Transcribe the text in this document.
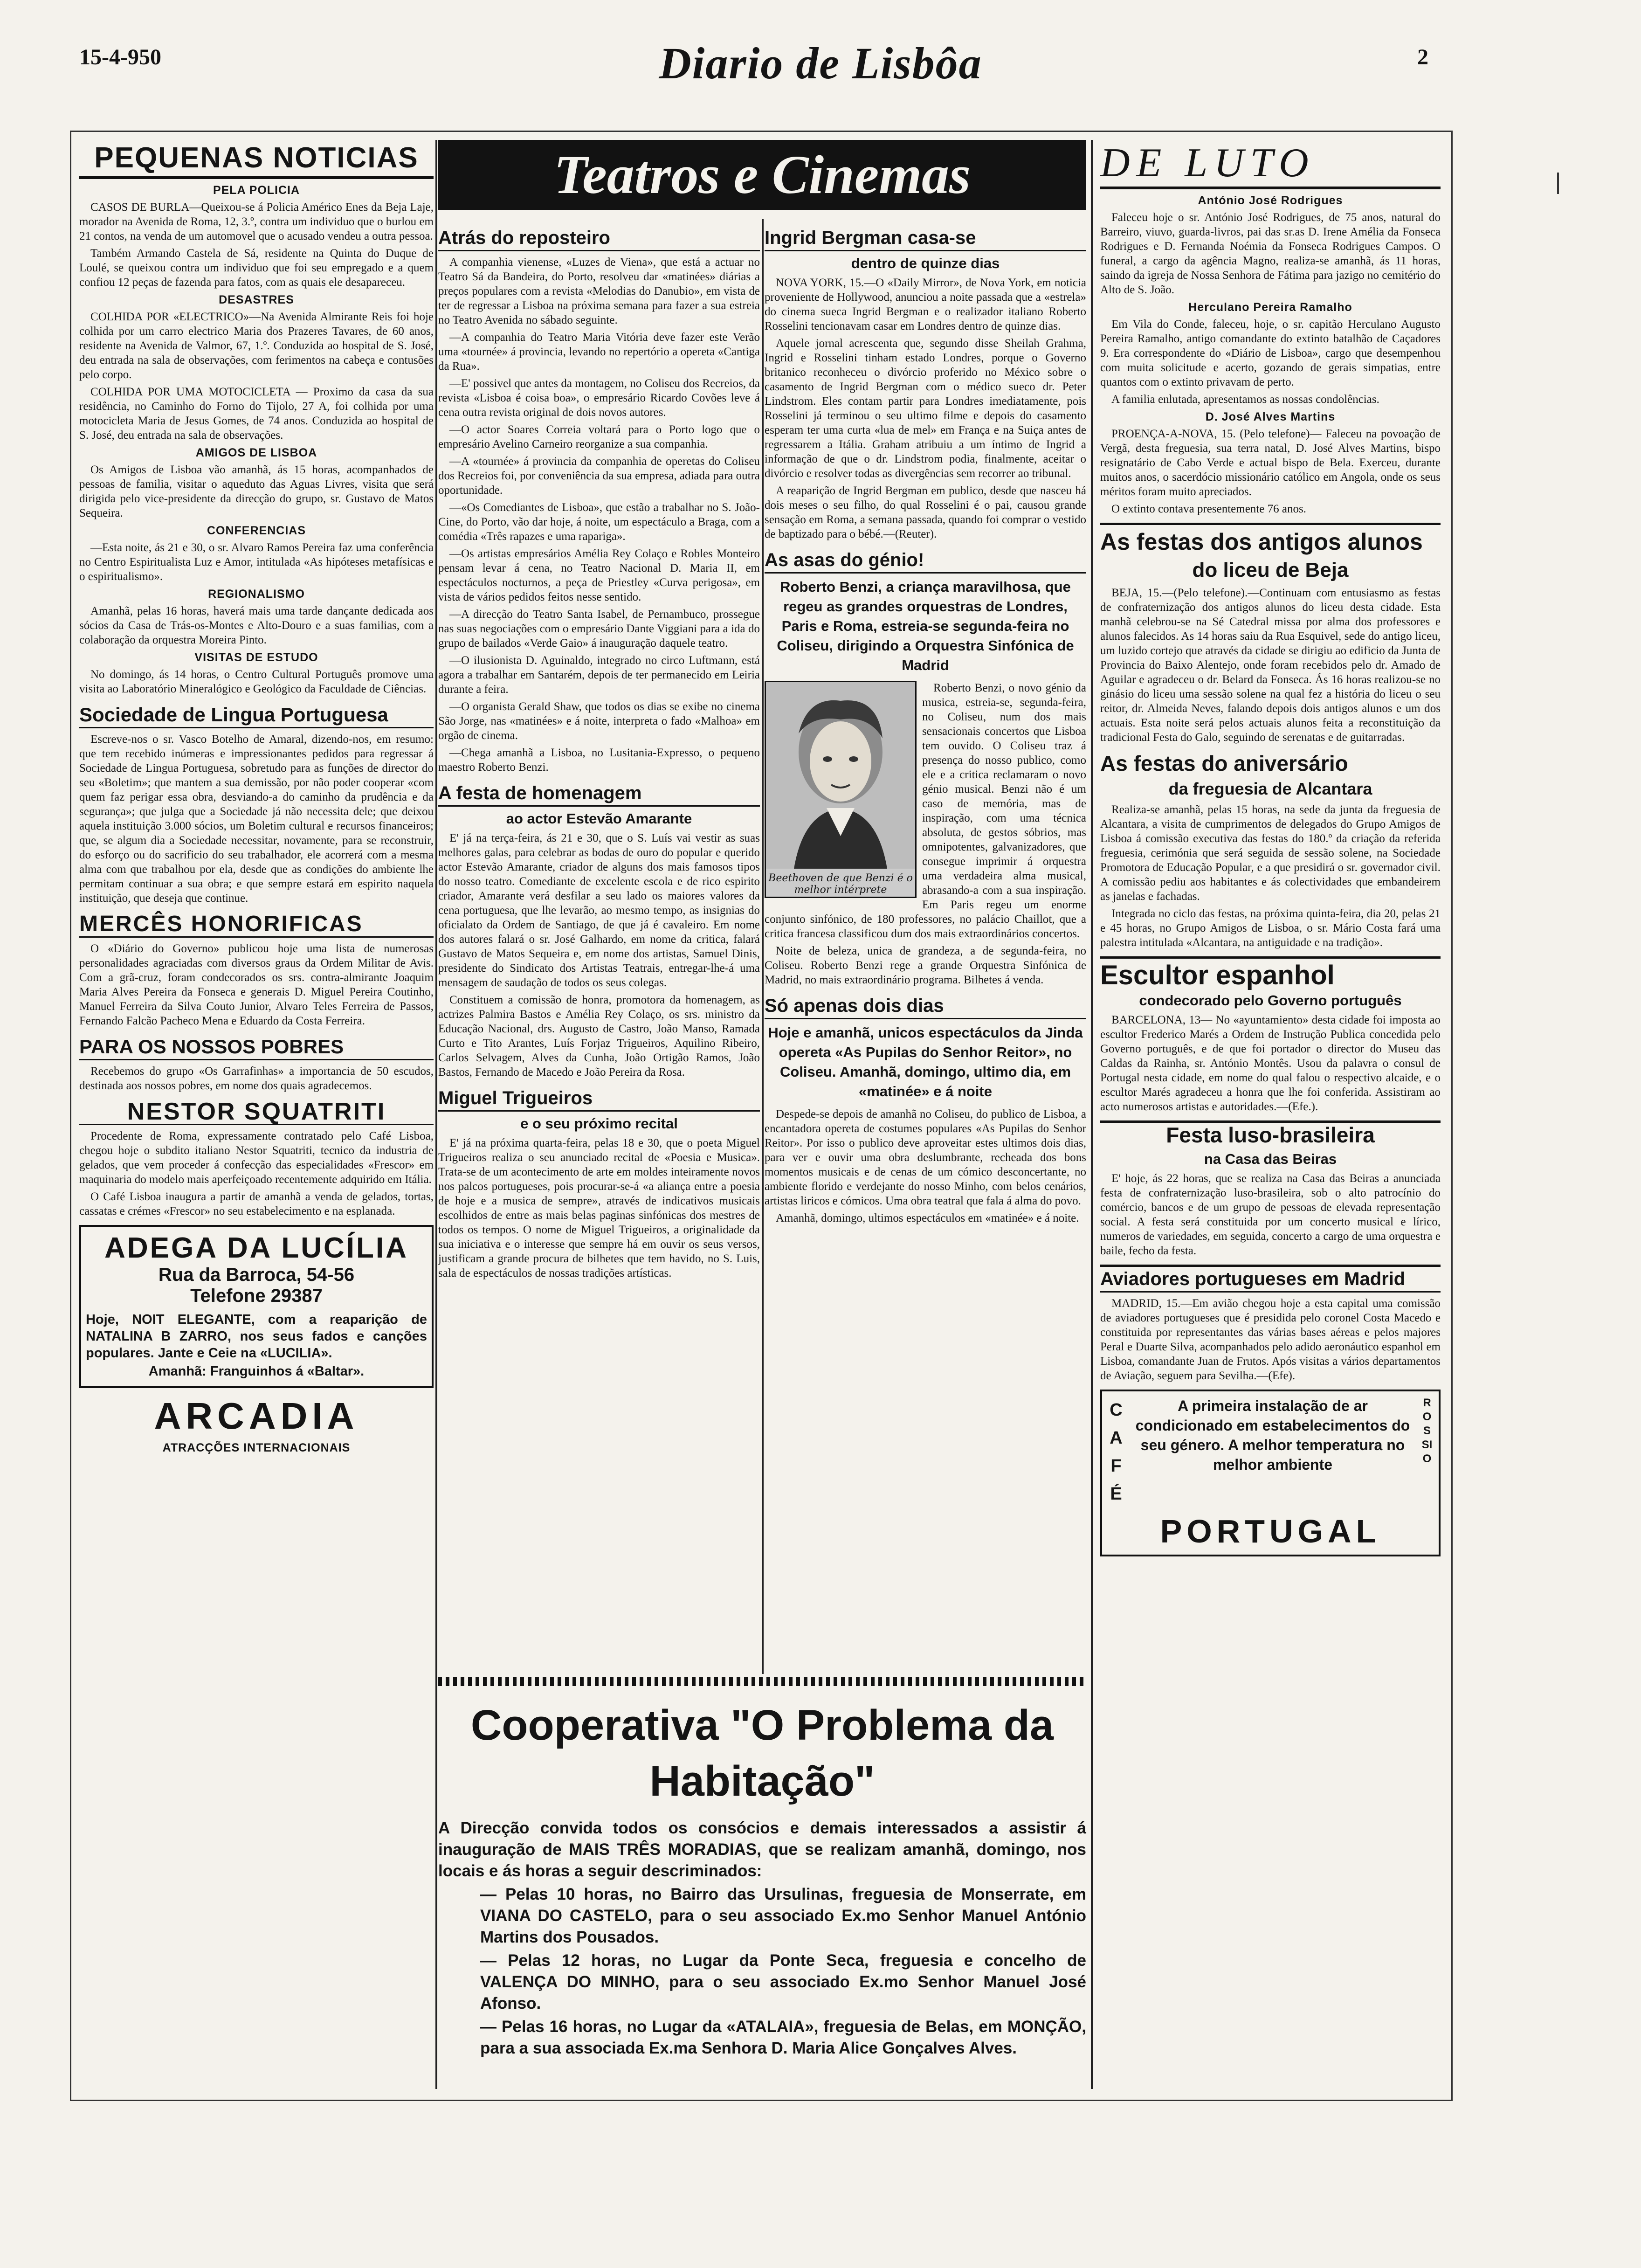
15-4-950	Diario de Lisbôa	2
PEQUENAS NOTICIAS
PELA POLICIA

CASOS DE BURLA—Queixou-se á Policia Américo Enes da Beja Laje, morador na Avenida de Roma, 12, 3.º, contra um individuo que o burlou em 21 contos, na venda de um automovel que o acusado vendeu a outra pessoa.

Também Armando Castela de Sá, residente na Quinta do Duque de Loulé, se queixou contra um individuo que foi seu empregado e a quem confiou 12 peças de fazenda para fatos, com as quais ele desapareceu.

DESASTRES

COLHIDA POR «ELECTRICO»—Na Avenida Almirante Reis foi hoje colhida por um carro electrico Maria dos Prazeres Tavares, de 60 anos, residente na Avenida de Valmor, 67, 1.º. Conduzida ao hospital de S. José, deu entrada na sala de observações, com ferimentos na cabeça e contusões pelo corpo.

COLHIDA POR UMA MOTOCICLETA — Proximo da casa da sua residência, no Caminho do Forno do Tijolo, 27 A, foi colhida por uma motocicleta Maria de Jesus Gomes, de 74 anos. Conduzida ao hospital de S. José, deu entrada na sala de observações.

AMIGOS DE LISBOA

Os Amigos de Lisboa vão amanhã, ás 15 horas, acompanhados de pessoas de familia, visitar o aqueduto das Aguas Livres, visita que será dirigida pelo vice-presidente da direcção do grupo, sr. Gustavo de Matos Sequeira.

CONFERENCIAS

—Esta noite, ás 21 e 30, o sr. Alvaro Ramos Pereira faz uma conferência no Centro Espiritualista Luz e Amor, intitulada «As hipóteses metafísicas e o espiritualismo».

REGIONALISMO

Amanhã, pelas 16 horas, haverá mais uma tarde dançante dedicada aos sócios da Casa de Trás-os-Montes e Alto-Douro e a suas familias, com a colaboração da orquestra Moreira Pinto.

VISITAS DE ESTUDO

No domingo, ás 14 horas, o Centro Cultural Português promove uma visita ao Laboratório Mineralógico e Geológico da Faculdade de Ciências.

Sociedade de Lingua Portuguesa

Escreve-nos o sr. Vasco Botelho de Amaral, dizendo-nos, em resumo: que tem recebido inúmeras e impressionantes pedidos para regressar á Sociedade de Lingua Portuguesa, sobretudo para as funções de director do seu «Boletim»; que mantem a sua demissão, por não poder cooperar «com quem faz perigar essa obra, desviando-a do caminho da prudência e da segurança»; que julga que a Sociedade já não necessita dele; que deixou aquela instituição 3.000 sócios, um Boletim cultural e recursos financeiros; que, se algum dia a Sociedade necessitar, novamente, para se reconstruir, do esforço ou do sacrificio do seu trabalhador, ele acorrerá com a mesma alma com que trabalhou por ela, desde que as condições do ambiente lhe permitam continuar a sua obra; e que sempre estará em espirito naquela instituição, que deseja que continue.

MERCÊS HONORIFICAS

O «Diário do Governo» publicou hoje uma lista de numerosas personalidades agraciadas com diversos graus da Ordem Militar de Avis. Com a grã-cruz, foram condecorados os srs. contra-almirante Joaquim Maria Alves Pereira da Fonseca e generais D. Miguel Pereira Coutinho, Manuel Ferreira da Silva Couto Junior, Alvaro Teles Ferreira de Passos, Fernando Falcão Pacheco Mena e Eduardo da Costa Ferreira.

PARA OS NOSSOS POBRES

Recebemos do grupo «Os Garrafinhas» a importancia de 50 escudos, destinada aos nossos pobres, em nome dos quais agradecemos.

NESTOR SQUATRITI

Procedente de Roma, expressamente contratado pelo Café Lisboa, chegou hoje o subdito italiano Nestor Squatriti, tecnico da industria de gelados, que vem proceder á confecção das especialidades «Frescor» em maquinaria do modelo mais aperfeiçoado recentemente adquirido em Itália.

O Café Lisboa inaugura a partir de amanhã a venda de gelados, tortas, cassatas e crémes «Frescor» no seu estabelecimento e na esplanada.

ADEGA DA LUCÍLIA
Rua da Barroca, 54-56
Telefone 29387

Hoje, NOIT ELEGANTE, com a reaparição de NATALINA B ZARRO, nos seus fados e canções populares. Jante e Ceie na «LUCILIA».

Amanhã: Franguinhos á «Baltar».

ARCADIA
ATRACÇÕES INTERNACIONAIS
Teatros e Cinemas
Atrás do reposteiro

A companhia vienense, «Luzes de Viena», que está a actuar no Teatro Sá da Bandeira, do Porto, resolveu dar «matinées» diárias a preços populares com a revista «Melodias do Danubio», em vista de ter de regressar a Lisboa na próxima semana para fazer a sua estreia no Teatro Avenida no sábado seguinte.

—A companhia do Teatro Maria Vitória deve fazer este Verão uma «tournée» á provincia, levando no repertório a opereta «Cantiga da Rua».

—E' possivel que antes da montagem, no Coliseu dos Recreios, da revista «Lisboa é coisa boa», o empresário Ricardo Covões leve á cena outra revista original de dois novos autores.

—O actor Soares Correia voltará para o Porto logo que o empresário Avelino Carneiro reorganize a sua companhia.

—A «tournée» á provincia da companhia de operetas do Coliseu dos Recreios foi, por conveniência da sua empresa, adiada para outra oportunidade.

—«Os Comediantes de Lisboa», que estão a trabalhar no S. João-Cine, do Porto, vão dar hoje, á noite, um espectáculo a Braga, com a comédia «Três rapazes e uma rapariga».

—Os artistas empresários Amélia Rey Colaço e Robles Monteiro pensam levar á cena, no Teatro Nacional D. Maria II, em espectáculos nocturnos, a peça de Priestley «Curva perigosa», em vista de vários pedidos feitos nesse sentido.

—A direcção do Teatro Santa Isabel, de Pernambuco, prossegue nas suas negociações com o empresário Dante Viggiani para a ida do grupo de bailados «Verde Gaio» á inauguração daquele teatro.

—O ilusionista D. Aguinaldo, integrado no circo Luftmann, está agora a trabalhar em Santarém, depois de ter permanecido em Leiria durante a feira.

—O organista Gerald Shaw, que todos os dias se exibe no cinema São Jorge, nas «matinées» e á noite, interpreta o fado «Malhoa» em orgão de cinema.

—Chega amanhã a Lisboa, no Lusitania-Expresso, o pequeno maestro Roberto Benzi.

A festa de homenagem
ao actor Estevão Amarante

E' já na terça-feira, ás 21 e 30, que o S. Luís vai vestir as suas melhores galas, para celebrar as bodas de ouro do popular e querido actor Estevão Amarante, criador de alguns dos mais famosos tipos do nosso teatro. Comediante de excelente escola e de rico espirito criador, Amarante verá desfilar a seu lado os maiores valores da cena portuguesa, que lhe levarão, ao mesmo tempo, as insignias do oficialato da Ordem de Santiago, de que já é cavaleiro. Em nome dos autores falará o sr. José Galhardo, em nome da critica, falará Gustavo de Matos Sequeira e, em nome dos artistas, Samuel Dinis, presidente do Sindicato dos Artistas Teatrais, entregar-lhe-á uma mensagem de saudação de todos os seus colegas.

Constituem a comissão de honra, promotora da homenagem, as actrizes Palmira Bastos e Amélia Rey Colaço, os srs. ministro da Educação Nacional, drs. Augusto de Castro, João Manso, Ramada Curto e Tito Arantes, Luís Forjaz Trigueiros, Aquilino Ribeiro, Carlos Selvagem, Alves da Cunha, João Ortigão Ramos, João Bastos, Fernando de Macedo e João Pereira da Rosa.

Miguel Trigueiros
e o seu próximo recital

E' já na próxima quarta-feira, pelas 18 e 30, que o poeta Miguel Trigueiros realiza o seu anunciado recital de «Poesia e Musica». Trata-se de um acontecimento de arte em moldes inteiramente novos nos palcos portugueses, pois procurar-se-á «a aliança entre a poesia de hoje e a musica de sempre», através de indicativos musicais escolhidos de entre as mais belas paginas sinfónicas dos mestres de todos os tempos. O nome de Miguel Trigueiros, a originalidade da sua iniciativa e o interesse que sempre há em ouvir os seus versos, justificam a grande procura de bilhetes que tem havido, no S. Luis, sala de espectáculos de nossas tradições artísticas.

Ingrid Bergman casa-se
dentro de quinze dias

NOVA YORK, 15.—O «Daily Mirror», de Nova York, em noticia proveniente de Hollywood, anunciou a noite passada que a «estrela» do cinema sueca Ingrid Bergman e o realizador italiano Roberto Rosselini tencionavam casar em Londres dentro de quinze dias.

Aquele jornal acrescenta que, segundo disse Sheilah Grahma, Ingrid e Rosselini tinham estado Londres, porque o Governo britanico reconheceu o divórcio proferido no México sobre o casamento de Ingrid Bergman com o médico sueco dr. Peter Lindstrom. Eles contam partir para Londres imediatamente, pois Rosselini já terminou o seu ultimo filme e depois do casamento esperam ter uma curta «lua de mel» em França e na Suiça antes de regressarem a Itália. Graham atribuiu a um íntimo de Ingrid a informação de que o dr. Lindstrom podia, finalmente, aceitar o divórcio e resolver todas as divergências sem recorrer ao tribunal.

A reaparição de Ingrid Bergman em publico, desde que nasceu há dois meses o seu filho, do qual Rosselini é o pai, causou grande sensação em Roma, a semana passada, quando foi comprar o vestido de baptizado para o bébé.—(Reuter).

As asas do génio!
Roberto Benzi, a criança maravilhosa, que regeu as grandes orquestras de Londres, Paris e Roma, estreia-se segunda-feira no Coliseu, dirigindo a Orquestra Sinfónica de Madrid
Beethoven de que Benzi é o melhor intérprete

Roberto Benzi, o novo génio da musica, estreia-se, segunda-feira, no Coliseu, num dos mais sensacionais concertos que Lisboa tem ouvido. O Coliseu traz á presença do nosso publico, como ele e a critica reclamaram o novo génio musical. Benzi não é um caso de memória, mas de inspiração, com uma técnica absoluta, de gestos sóbrios, mas omnipotentes, galvanizadores, que consegue imprimir á orquestra uma verdadeira alma musical, abrasando-a com a sua inspiração. Em Paris regeu um enorme conjunto sinfónico, de 180 professores, no palácio Chaillot, que a critica francesa classificou dum dos mais extraordinários concertos.

Noite de beleza, unica de grandeza, a de segunda-feira, no Coliseu. Roberto Benzi rege a grande Orquestra Sinfónica de Madrid, no mais extraordinário programa. Bilhetes á venda.

Só apenas dois dias
Hoje e amanhã, unicos espectáculos da Jinda opereta «As Pupilas do Senhor Reitor», no Coliseu. Amanhã, domingo, ultimo dia, em «matinée» e á noite

Despede-se depois de amanhã no Coliseu, do publico de Lisboa, a encantadora opereta de costumes populares «As Pupilas do Senhor Reitor». Por isso o publico deve aproveitar estes ultimos dois dias, para ver e ouvir uma obra deslumbrante, recheada dos bons momentos musicais e de cenas de um cómico desconcertante, no ambiente florido e verdejante do nosso Minho, com belos cenários, artistas liricos e cómicos. Uma obra teatral que fala á alma do povo.

Amanhã, domingo, ultimos espectáculos em «matinée» e á noite.

Cooperativa "O Problema da Habitação"

A Direcção convida todos os consócios e demais interessados a assistir á inauguração de MAIS TRÊS MORADIAS, que se realizam amanhã, domingo, nos locais e ás horas a seguir descriminados:

— Pelas 10 horas, no Bairro das Ursulinas, freguesia de Monserrate, em VIANA DO CASTELO, para o seu associado Ex.mo Senhor Manuel António Martins dos Pousados.

— Pelas 12 horas, no Lugar da Ponte Seca, freguesia e concelho de VALENÇA DO MINHO, para o seu associado Ex.mo Senhor Manuel José Afonso.

— Pelas 16 horas, no Lugar da «ATALAIA», freguesia de Belas, em MONÇÃO, para a sua associada Ex.ma Senhora D. Maria Alice Gonçalves Alves.

DE LUTO
António José Rodrigues

Faleceu hoje o sr. António José Rodrigues, de 75 anos, natural do Barreiro, viuvo, guarda-livros, pai das sr.as D. Irene Amélia da Fonseca Rodrigues e D. Fernanda Noémia da Fonseca Rodrigues Campos. O funeral, a cargo da agência Magno, realiza-se amanhã, ás 11 horas, saindo da igreja de Nossa Senhora de Fátima para jazigo no cemitério do Alto de S. João.

Herculano Pereira Ramalho

Em Vila do Conde, faleceu, hoje, o sr. capitão Herculano Augusto Pereira Ramalho, antigo comandante do extinto batalhão de Caçadores 9. Era correspondente do «Diário de Lisboa», cargo que desempenhou com muita solicitude e acerto, gozando de gerais simpatias, entre quantos com o extinto privavam de perto.

A familia enlutada, apresentamos as nossas condolências.

D. José Alves Martins

PROENÇA-A-NOVA, 15. (Pelo telefone)— Faleceu na povoação de Vergã, desta freguesia, sua terra natal, D. José Alves Martins, bispo resignatário de Cabo Verde e actual bispo de Bela. Exerceu, durante muitos anos, o sacerdócio missionário católico em Angola, onde os seus méritos foram muito apreciados.

O extinto contava presentemente 76 anos.

As festas dos antigos alunos
do liceu de Beja

BEJA, 15.—(Pelo telefone).—Continuam com entusiasmo as festas de confraternização dos antigos alunos do liceu desta cidade. Esta manhã celebrou-se na Sé Catedral missa por alma dos professores e alunos falecidos. As 14 horas saiu da Rua Esquivel, sede do antigo liceu, um luzido cortejo que através da cidade se dirigiu ao edificio da Junta de Provincia do Baixo Alentejo, onde foram recebidos pelo dr. Amado de Aguilar e agradeceu o dr. Belard da Fonseca. Ás 16 horas realizou-se no ginásio do liceu uma sessão solene na qual fez a história do liceu o seu reitor, dr. Almeida Neves, falando depois dois antigos alunos e um dos actuais. Esta noite será pelos actuais alunos feita a reconstituição da tradicional Festa do Galo, seguindo de serenatas e de guitarradas.

As festas do aniversário
da freguesia de Alcantara

Realiza-se amanhã, pelas 15 horas, na sede da junta da freguesia de Alcantara, a visita de cumprimentos de delegados do Grupo Amigos de Lisboa á comissão executiva das festas do 180.º da criação da referida freguesia, cerimónia que será seguida de sessão solene, na Sociedade Promotora de Educação Popular, e a que presidirá o sr. governador civil. A comissão pediu aos habitantes e ás colectividades que embandeirem as janelas e fachadas.

Integrada no ciclo das festas, na próxima quinta-feira, dia 20, pelas 21 e 45 horas, no Grupo Amigos de Lisboa, o sr. Mário Costa fará uma palestra intitulada «Alcantara, na antiguidade e na tradição».

Escultor espanhol
condecorado pelo Governo português

BARCELONA, 13— No «ayuntamiento» desta cidade foi imposta ao escultor Frederico Marés a Ordem de Instrução Publica concedida pelo Governo português, e de que foi portador o director do Museu das Caldas da Rainha, sr. António Montês. Usou da palavra o consul de Portugal nesta cidade, em nome do qual falou o respectivo alcaide, e o escultor Marés agradeceu a honra que lhe foi conferida. Assistiram ao acto numerosos artistas e autoridades.—(Efe.).

Festa luso-brasileira
na Casa das Beiras

E' hoje, ás 22 horas, que se realiza na Casa das Beiras a anunciada festa de confraternização luso-brasileira, sob o alto patrocínio do comércio, bancos e de um grupo de pessoas de elevada representação social. A festa será constituida por um concerto musical e lírico, numeros de variedades, em seguida, concerto a cargo de uma orquestra e baile, fecho da festa.

Aviadores portugueses em Madrid

MADRID, 15.—Em avião chegou hoje a esta capital uma comissão de aviadores portugueses que é presidida pelo coronel Costa Macedo e constituida por representantes das várias bases aéreas e pelos majores Peral e Duarte Silva, acompanhados pelo adido aeronáutico espanhol em Lisboa, comandante Juan de Frutos. Após visitas a vários departamentos de Aviação, seguem para Sevilha.—(Efe).

CAFÉ
A primeira instalação de ar condicionado em estabelecimentos do seu género. A melhor temperatura no melhor ambiente
ROSSIO
PORTUGAL
